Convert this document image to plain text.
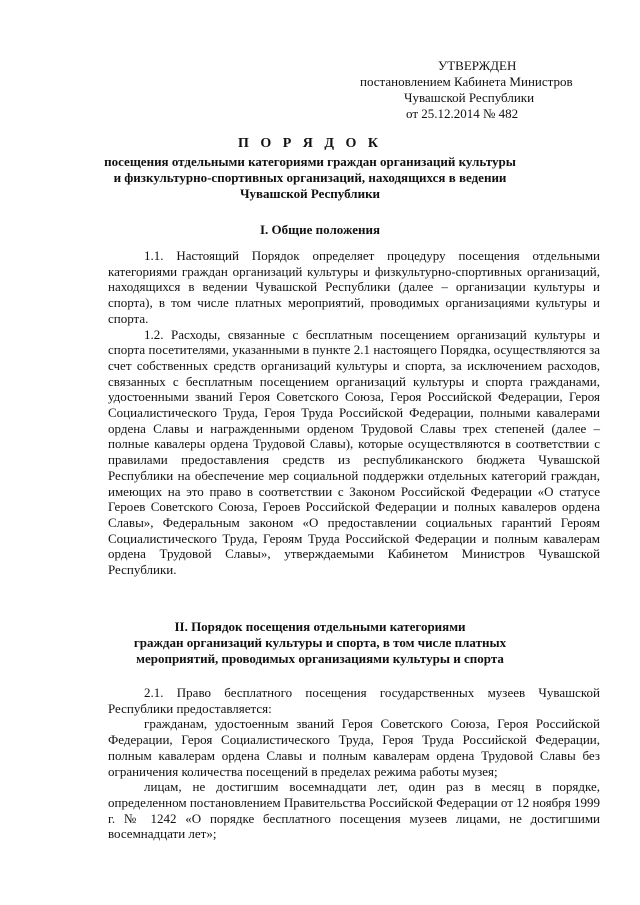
УТВЕРЖДЕН
постановлением Кабинета Министров
Чувашской Республики
от 25.12.2014 № 482
П О Р Я Д О К
посещения отдельными категориями граждан организаций культуры
и физкультурно-спортивных организаций, находящихся в ведении
Чувашской Республики
I. Общие положения

1.1. Настоящий Порядок определяет процедуру посещения отдельными категориями граждан организаций культуры и физкультурно-спортивных организаций, находящихся в ведении Чувашской Республики (далее – организации культуры и спорта), в том числе платных мероприятий, проводимых организациями культуры и спорта.

1.2. Расходы, связанные с бесплатным посещением организаций культуры и спорта посетителями, указанными в пункте 2.1 настоящего Порядка, осуществляются за счет собственных средств организаций культуры и спорта, за исключением расходов, связанных с бесплатным посещением организаций культуры и спорта гражданами, удостоенными званий Героя Советского Союза, Героя Российской Федерации, Героя Социалистического Труда, Героя Труда Российской Федерации, полными кавалерами ордена Славы и награжденными орденом Трудовой Славы трех степеней (далее – полные кавалеры ордена Трудовой Славы), которые осуществляются в соответствии с правилами предоставления средств из республиканского бюджета Чувашской Республики на обеспечение мер социальной поддержки отдельных категорий граждан, имеющих на это право в соответствии с Законом Российской Федерации «О статусе Героев Советского Союза, Героев Российской Федерации и полных кавалеров ордена Славы», Федеральным законом «О предоставлении социальных гарантий Героям Социалистического Труда, Героям Труда Российской Федерации и полным кавалерам ордена Трудовой Славы», утверждаемыми Кабинетом Министров Чувашской Республики.

II. Порядок посещения отдельными категориями
граждан организаций культуры и спорта, в том числе платных
мероприятий, проводимых организациями культуры и спорта

2.1. Право бесплатного посещения государственных музеев Чувашской Республики предоставляется:

гражданам, удостоенным званий Героя Советского Союза, Героя Российской Федерации, Героя Социалистического Труда, Героя Труда Российской Федерации, полным кавалерам ордена Славы и полным кавалерам ордена Трудовой Славы без ограничения количества посещений в пределах режима работы музея;

лицам, не достигшим восемнадцати лет, один раз в месяц в порядке, определенном постановлением Правительства Российской Федерации от 12 ноября 1999 г. № 1242 «О порядке бесплатного посещения музеев лицами, не достигшими восемнадцати лет»;
